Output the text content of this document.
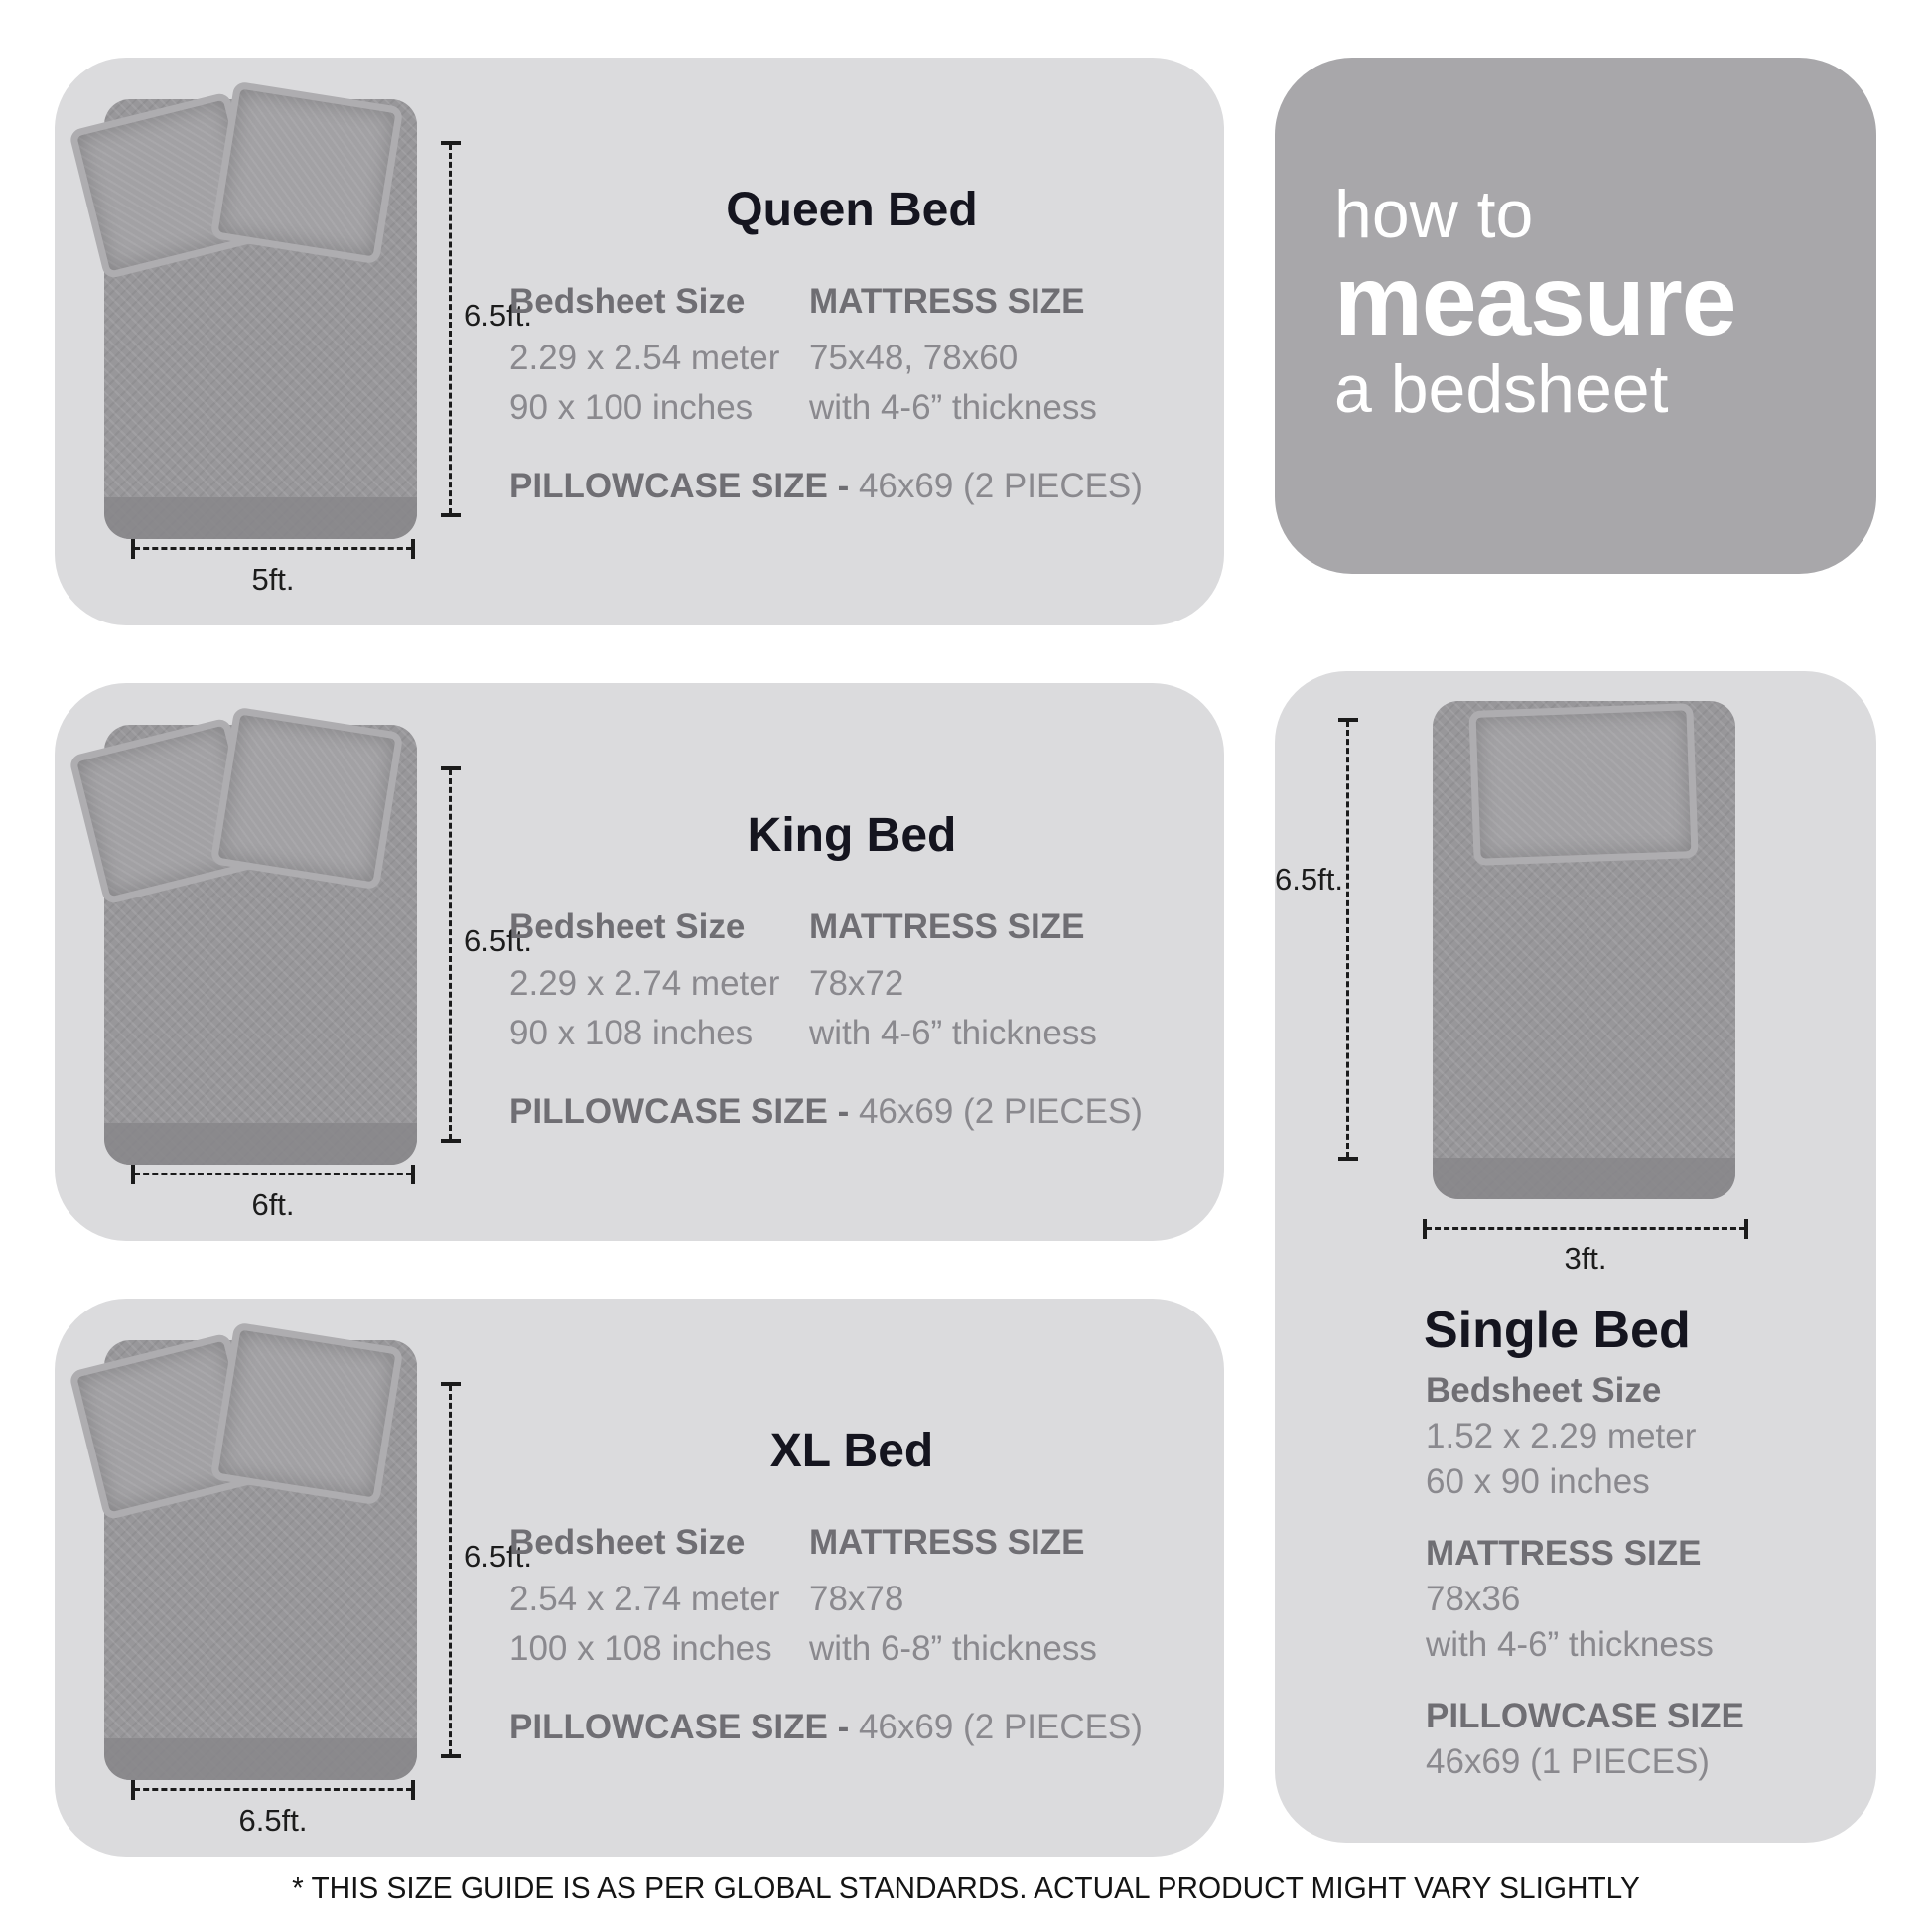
6.5ft.
5ft.
Queen Bed
Bedsheet Size
2.29 x 2.54 meter
90 x 100 inches
MATTRESS SIZE
75x48, 78x60
with 4-6” thickness
PILLOWCASE SIZE - 46x69 (2 PIECES)
how to
measure
a bedsheet
6.5ft.
6ft.
King Bed
Bedsheet Size
2.29 x 2.74 meter
90 x 108 inches
MATTRESS SIZE
78x72
with 4-6” thickness
PILLOWCASE SIZE - 46x69 (2 PIECES)
6.5ft.
3ft.
Single Bed
Bedsheet Size
1.52 x 2.29 meter
60 x 90 inches
MATTRESS SIZE
78x36
with 4-6” thickness
PILLOWCASE SIZE
46x69 (1 PIECES)
6.5ft.
6.5ft.
XL Bed
Bedsheet Size
2.54 x 2.74 meter
100 x 108 inches
MATTRESS SIZE
78x78
with 6-8” thickness
PILLOWCASE SIZE - 46x69 (2 PIECES)
* THIS SIZE GUIDE IS AS PER GLOBAL STANDARDS. ACTUAL PRODUCT MIGHT VARY SLIGHTLY
